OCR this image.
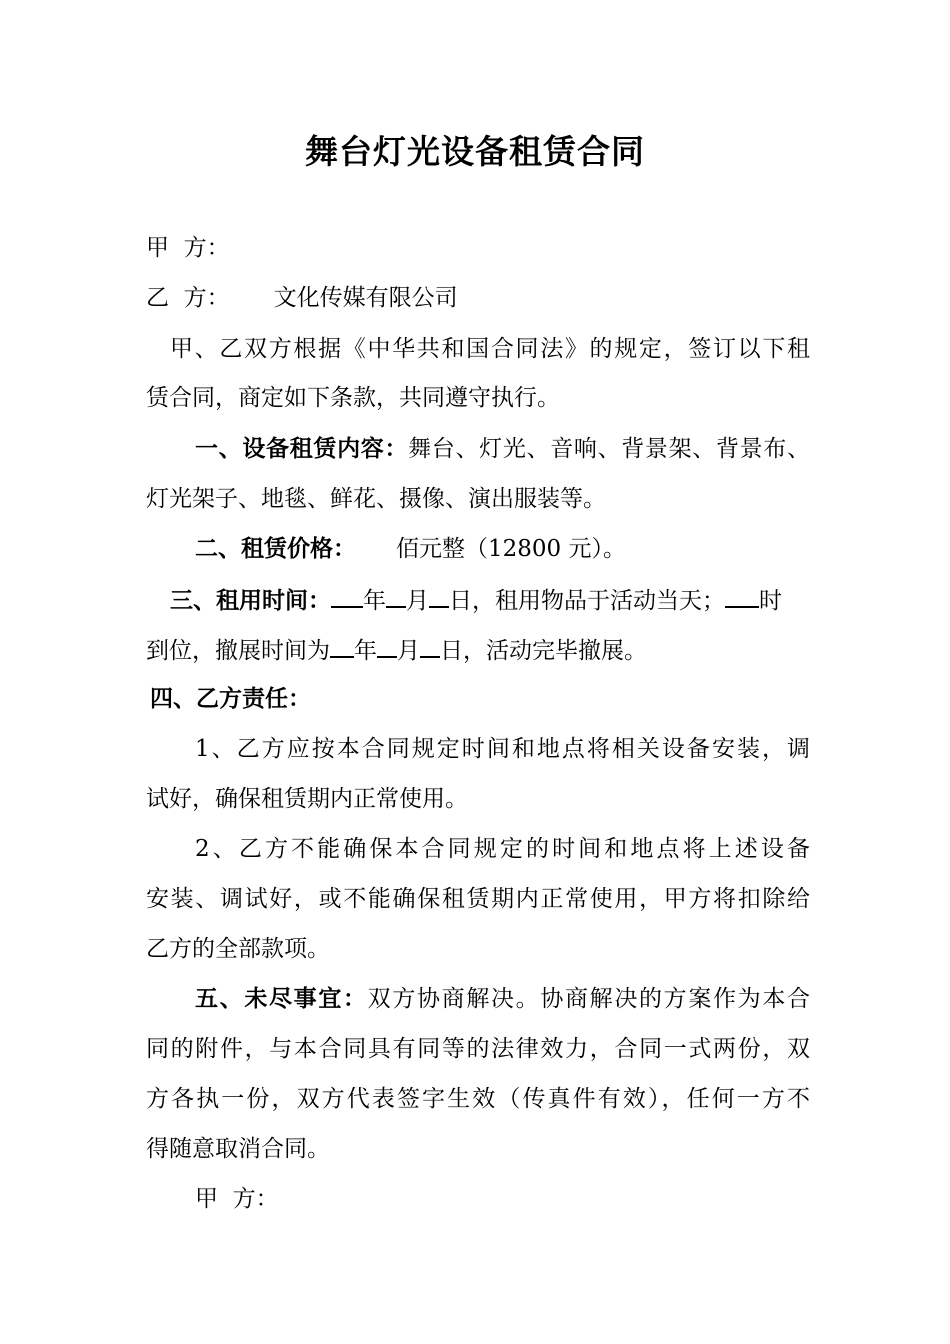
舞台灯光设备租赁合同
甲  方：
乙  方： 文化传媒有限公司
甲、乙双方根据《中华共和国合同法》的规定，签订以下租
赁合同，商定如下条款，共同遵守执行。
一、设备租赁内容：舞台、灯光、音响、背景架、背景布、
灯光架子、地毯、鲜花、摄像、演出服装等。
二、租赁价格： 佰元整（12800 元）。
三、租用时间： 年 月 日，租用物品于活动当天； 时
到位，撤展时间为 年 月 日，活动完毕撤展。
四、乙方责任：
1、乙方应按本合同规定时间和地点将相关设备安装，调
试好，确保租赁期内正常使用。
2、乙方不能确保本合同规定的时间和地点将上述设备
安装、调试好，或不能确保租赁期内正常使用，甲方将扣除给
乙方的全部款项。
五、未尽事宜：双方协商解决。协商解决的方案作为本合
同的附件，与本合同具有同等的法律效力，合同一式两份，双
方各执一份，双方代表签字生效（传真件有效），任何一方不
得随意取消合同。
甲  方：
